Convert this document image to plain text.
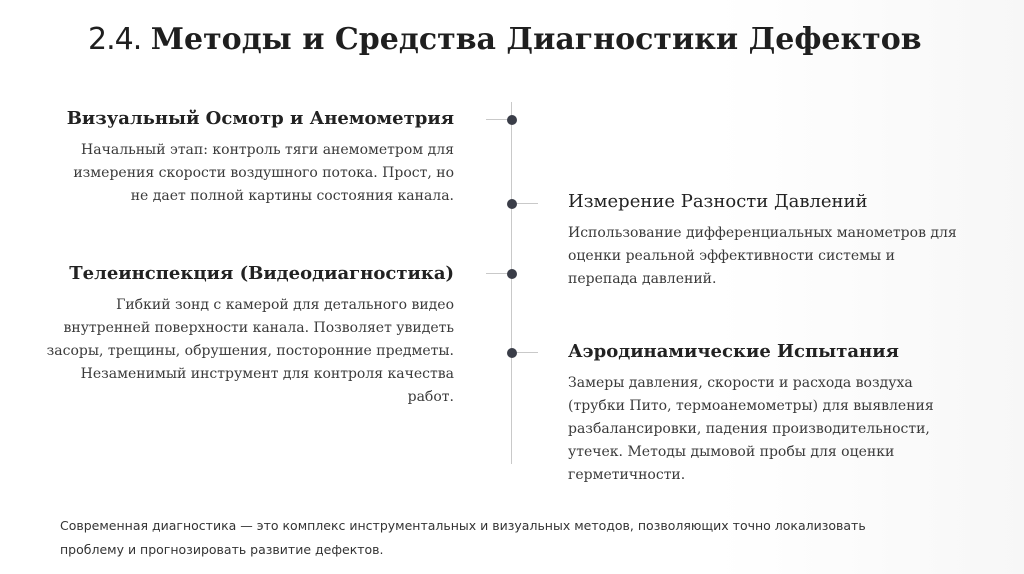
2.4. Методы и Средства Диагностики Дефектов
Визуальный Осмотр и Анемометрия

Начальный этап: контроль тяги анемометром для измерения скорости воздушного потока. Прост, но не дает полной картины состояния канала.	Измерение Разности Давлений

Использование дифференциальных манометров для оценки реальной эффективности системы и перепада давлений.

Телеинспекция (Видеодиагностика)

Гибкий зонд с камерой для детального видео внутренней поверхности канала. Позволяет увидеть засоры, трещины, обрушения, посторонние предметы. Незаменимый инструмент для контроля качества работ.

Аэродинамические Испытания

Замеры давления, скорости и расхода воздуха (трубки Пито, термоанемометры) для выявления разбалансировки, падения производительности, утечек. Методы дымовой пробы для оценки герметичности.

Современная диагностика — это комплекс инструментальных и визуальных методов, позволяющих точно локализовать проблему и прогнозировать развитие дефектов.
